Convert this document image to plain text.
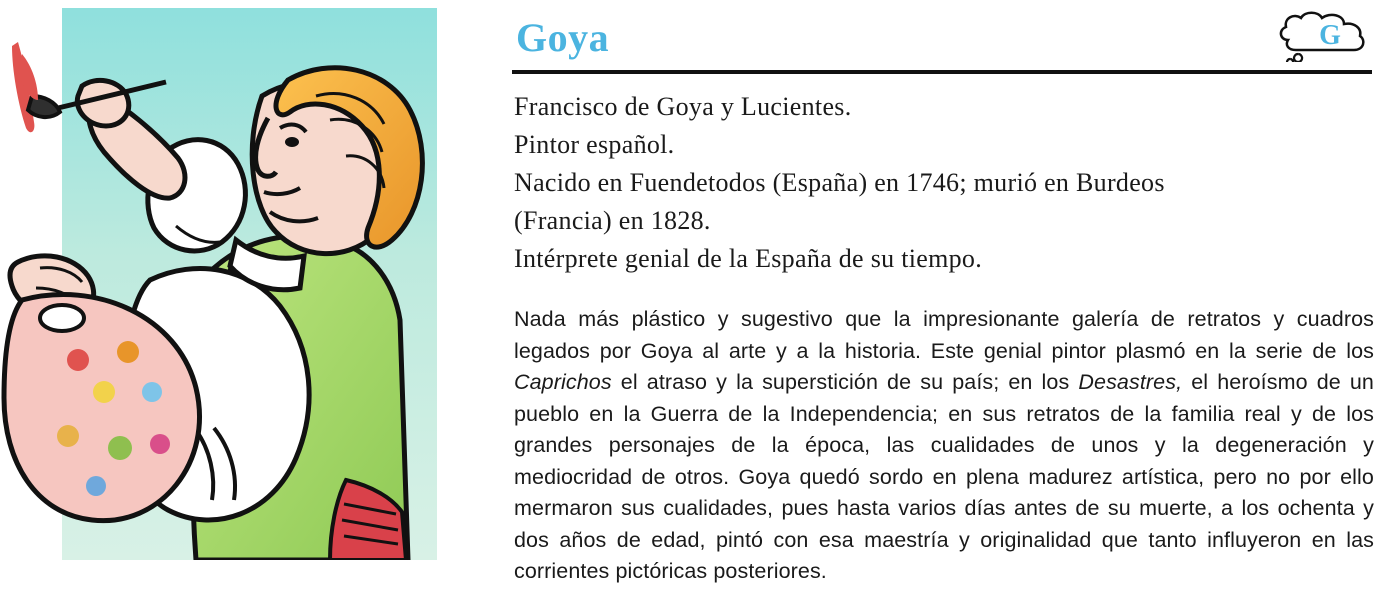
Goya	G
Francisco de Goya y Lucientes.
Pintor español.
Nacido en Fuendetodos (España) en 1746; murió en Burdeos
(Francia) en 1828.
Intérprete genial de la España de su tiempo.
Nada más plástico y sugestivo que la impresionante galería de retratos y cuadros legados por Goya al arte y a la historia. Este genial pintor plasmó en la serie de los Caprichos el atraso y la superstición de su país; en los Desastres, el heroísmo de un pueblo en la Guerra de la Independencia; en sus retratos de la familia real y de los grandes personajes de la época, las cualidades de unos y la degeneración y mediocridad de otros. Goya quedó sordo en plena madurez artística, pero no por ello mermaron sus cualidades, pues hasta varios días antes de su muerte, a los ochenta y dos años de edad, pintó con esa maestría y originalidad que tanto influyeron en las corrientes pictóricas posteriores.
